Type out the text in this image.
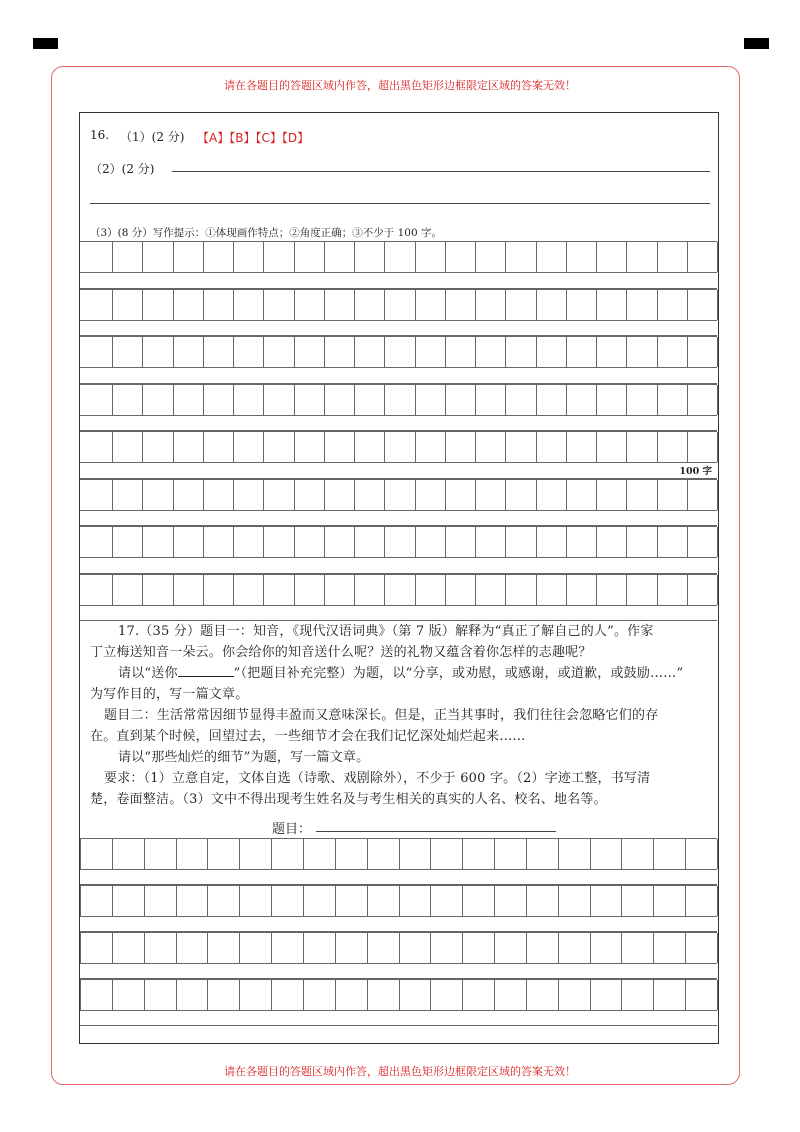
请在各题目的答题区域内作答，超出黑色矩形边框限定区域的答案无效！
请在各题目的答题区域内作答，超出黑色矩形边框限定区域的答案无效！
16. （1）(2 分) 【A】【B】【C】【D】
（2）(2 分)
（3）(8 分）写作提示：①体现画作特点；②角度正确；③不少于 100 字。
100 字
17.（35 分）题目一：知音，《现代汉语词典》（第 7 版）解释为“真正了解自己的人”。作家
丁立梅送知音一朵云。你会给你的知音送什么呢？送的礼物又蕴含着你怎样的志趣呢？
请以“送你	”（把题目补充完整）为题，以“分享，或劝慰，或感谢，或道歉，或鼓励……”
为写作目的，写一篇文章。
题目二：生活常常因细节显得丰盈而又意味深长。但是，正当其事时，我们往往会忽略它们的存
在。直到某个时候，回望过去，一些细节才会在我们记忆深处灿烂起来……
请以“那些灿烂的细节”为题，写一篇文章。
要求：（1）立意自定，文体自选（诗歌、戏剧除外），不少于 600 字。（2）字迹工整，书写清
楚，卷面整洁。（3）文中不得出现考生姓名及与考生相关的真实的人名、校名、地名等。
题目：
